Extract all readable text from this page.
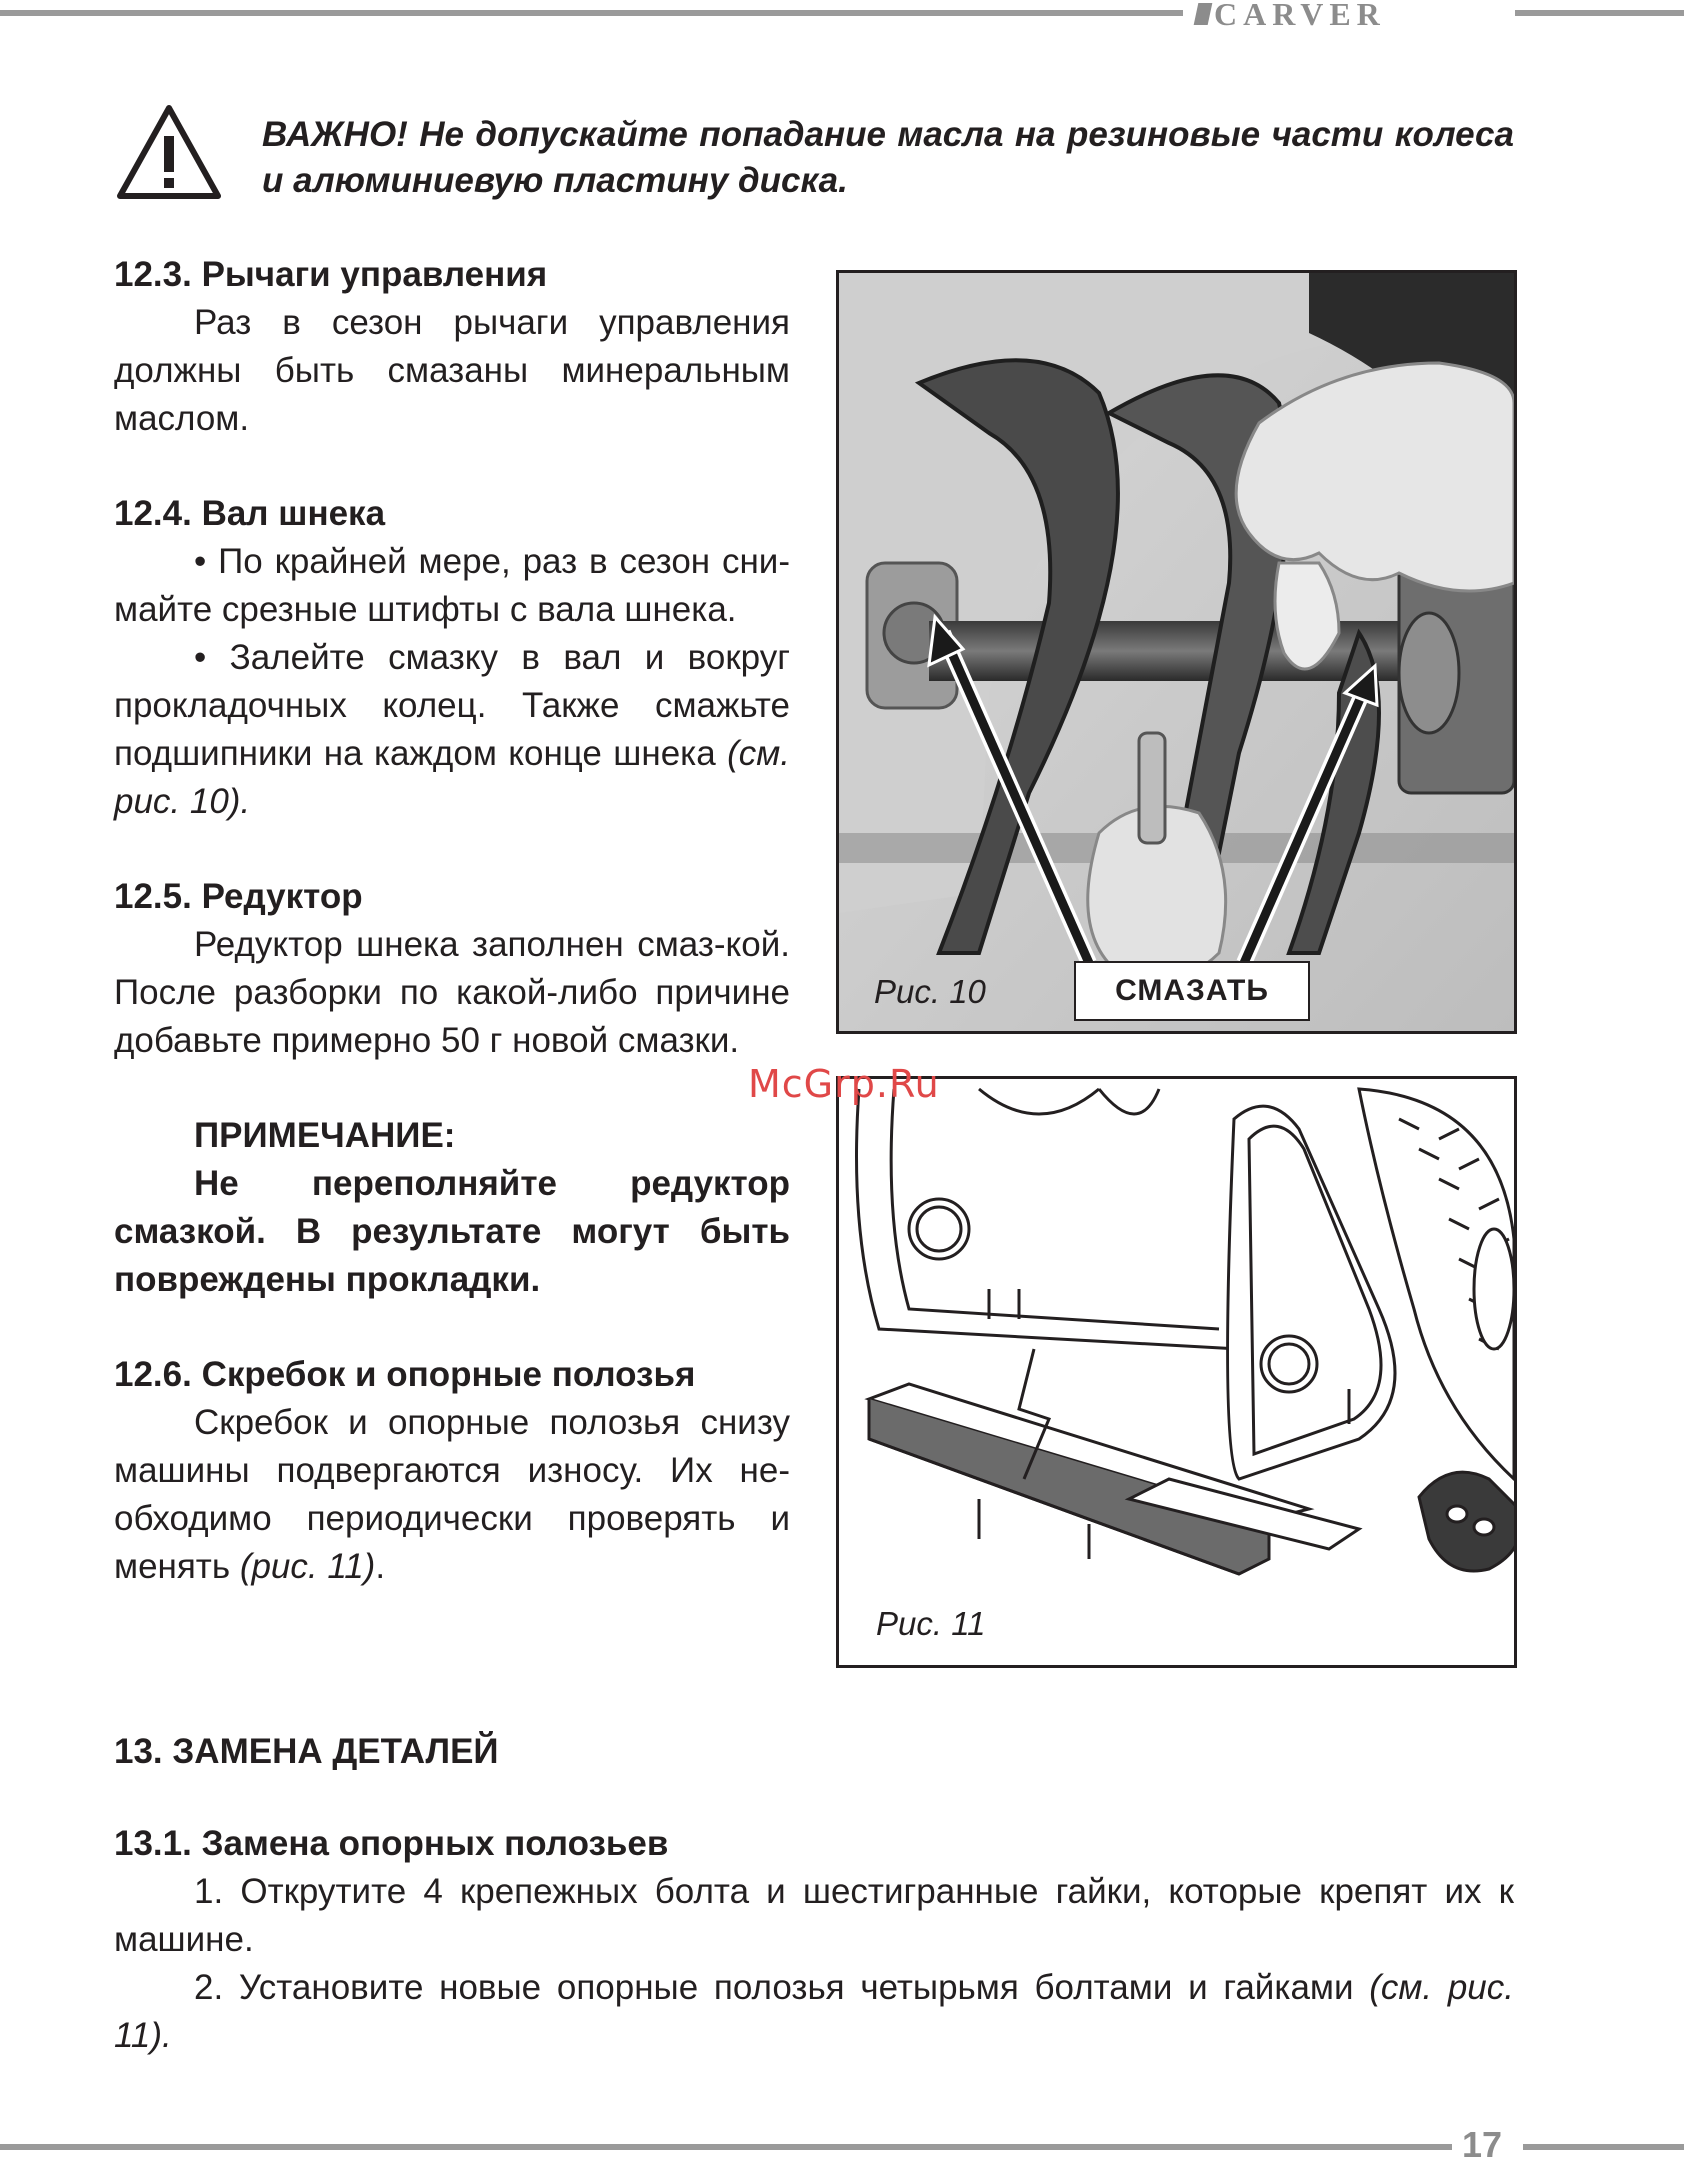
CARVER
ВАЖНО! Не допускайте попадание масла на резиновые части колеса и алюминиевую пластину диска.
12.3. Рычаги управления

Раз в сезон рычаги управления должны быть смазаны минеральным маслом.

12.4. Вал шнека

• По крайней мере, раз в сезон сни-майте срезные штифты с вала шнека.

• Залейте смазку в вал и вокруг прокладочных колец. Также смажьте подшипники на каждом конце шнека (см. рис. 10).

12.5. Редуктор

Редуктор шнека заполнен смаз-кой. После разборки по какой-либо причине добавьте примерно 50 г новой смазки.

ПРИМЕЧАНИЕ:

Не переполняйте редуктор смазкой. В результате могут быть повреждены прокладки.

12.6. Скребок и опорные полозья

Скребок и опорные полозья снизу машины подвергаются износу. Их не-обходимо периодически проверять и менять (рис. 11).

13. ЗАМЕНА ДЕТАЛЕЙ
13.1. Замена опорных полозьев

1. Открутите 4 крепежных болта и шестигранные гайки, которые крепят их к машине.

2. Установите новые опорные полозья четырьмя болтами и гайками (см. рис. 11).

Рис. 10	СМАЗАТЬ
Рис. 11
McGrp.Ru
17
